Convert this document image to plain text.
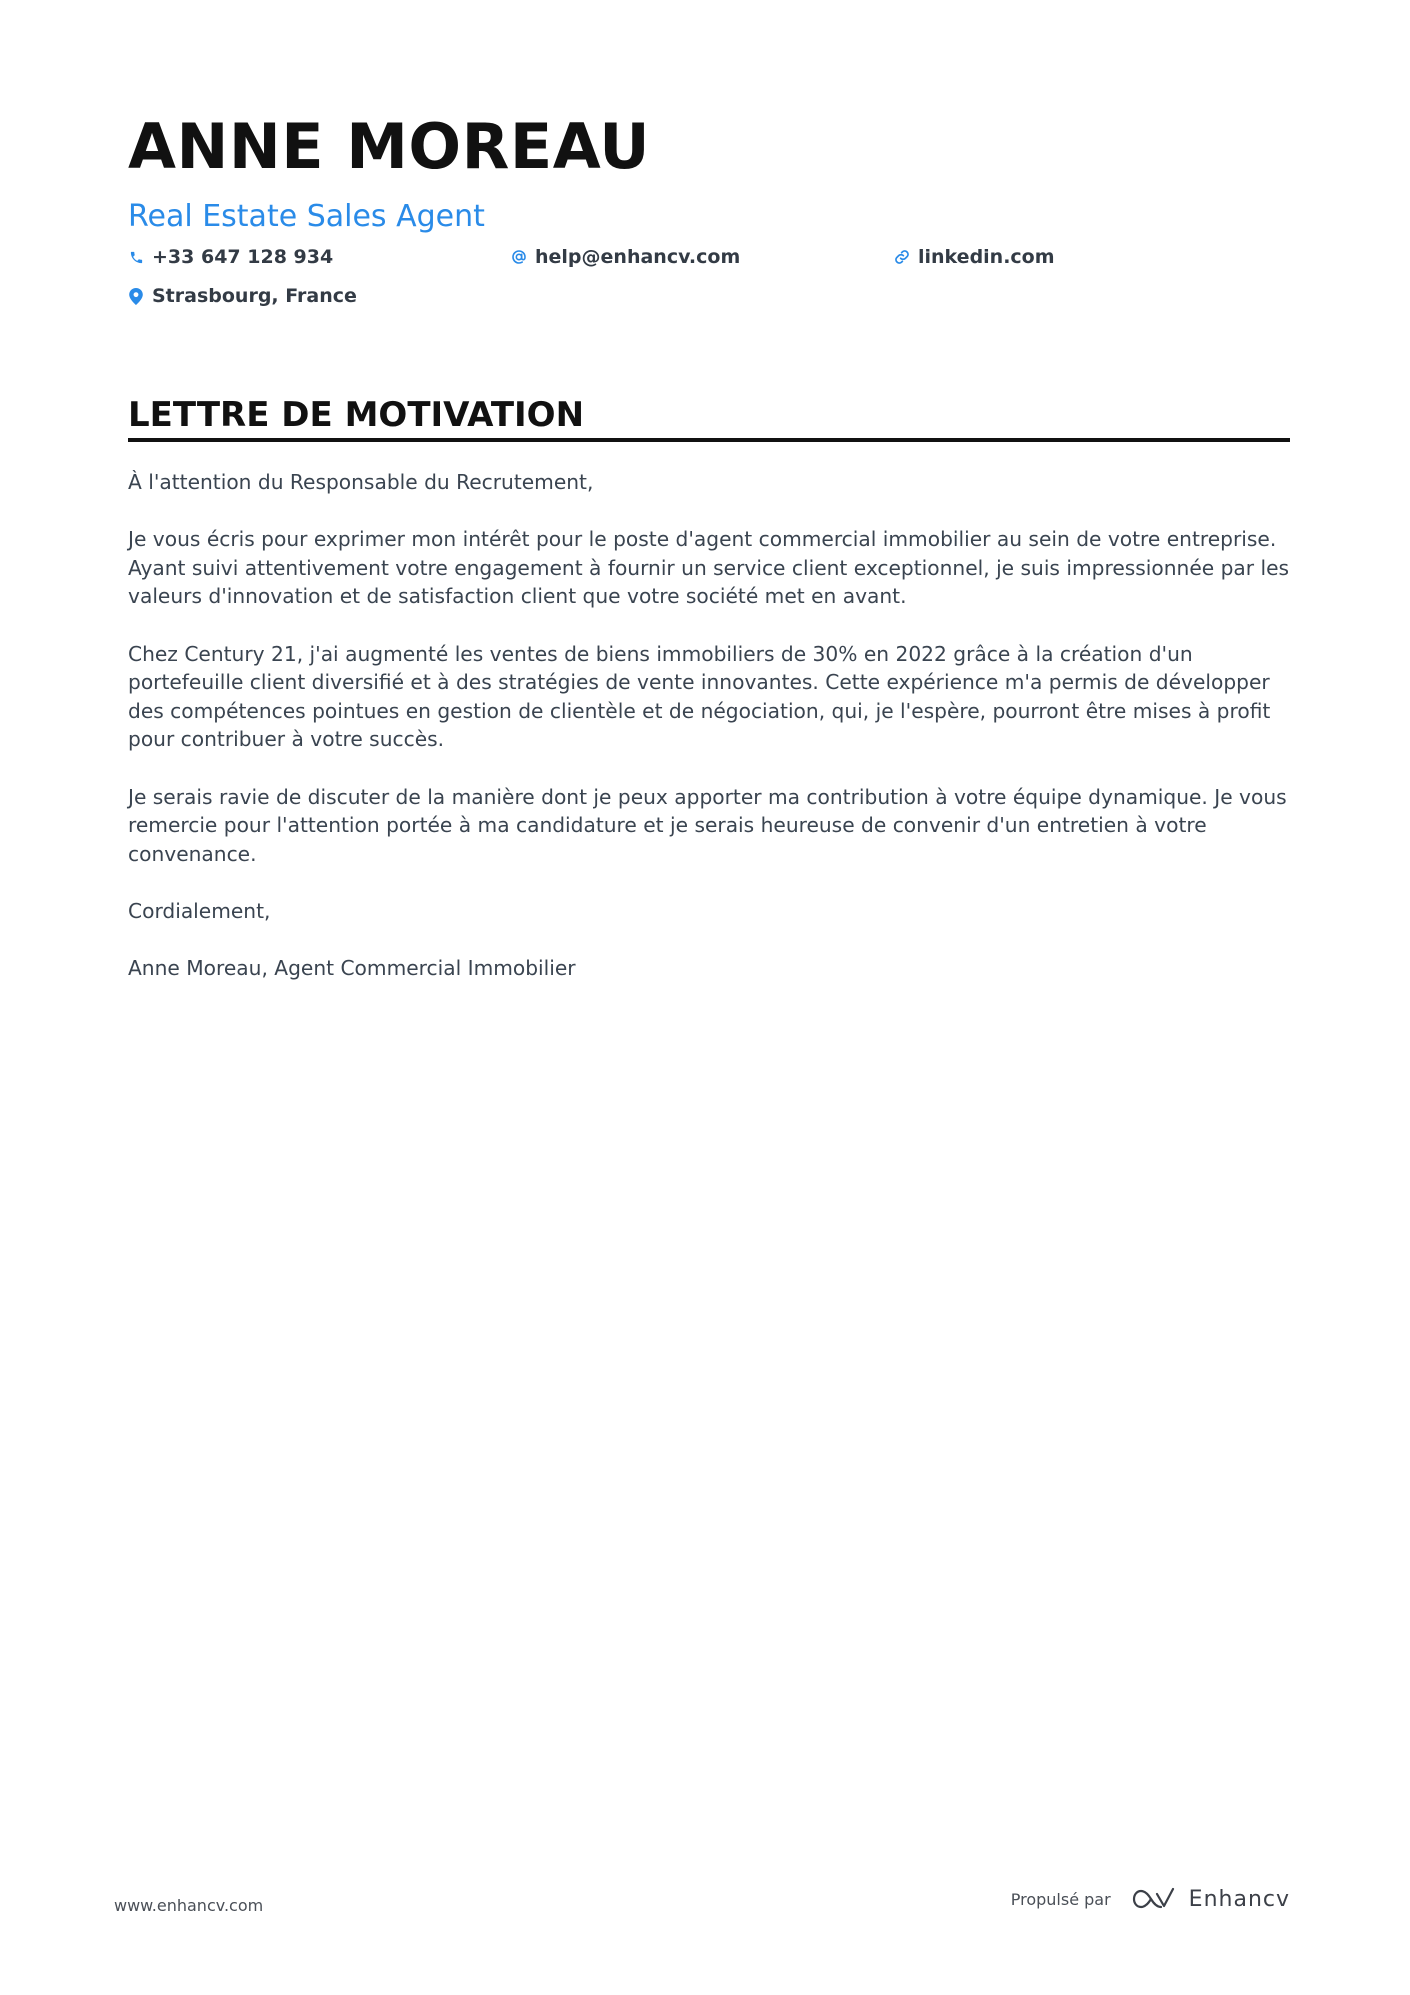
ANNE MOREAU
Real Estate Sales Agent
+33 647 128 934	help@enhancv.com	linkedin.com
Strasbourg, France
LETTRE DE MOTIVATION

À l'attention du Responsable du Recrutement,

Je vous écris pour exprimer mon intérêt pour le poste d'agent commercial immobilier au sein de votre entreprise. Ayant suivi attentivement votre engagement à fournir un service client exceptionnel, je suis impressionnée par les valeurs d'innovation et de satisfaction client que votre société met en avant.

Chez Century 21, j'ai augmenté les ventes de biens immobiliers de 30% en 2022 grâce à la création d'un portefeuille client diversifié et à des stratégies de vente innovantes. Cette expérience m'a permis de développer des compétences pointues en gestion de clientèle et de négociation, qui, je l'espère, pourront être mises à profit pour contribuer à votre succès.

Je serais ravie de discuter de la manière dont je peux apporter ma contribution à votre équipe dynamique. Je vous remercie pour l'attention portée à ma candidature et je serais heureuse de convenir d'un entretien à votre convenance.

Cordialement,

Anne Moreau, Agent Commercial Immobilier

www.enhancv.com	Propulsé par	Enhancv
